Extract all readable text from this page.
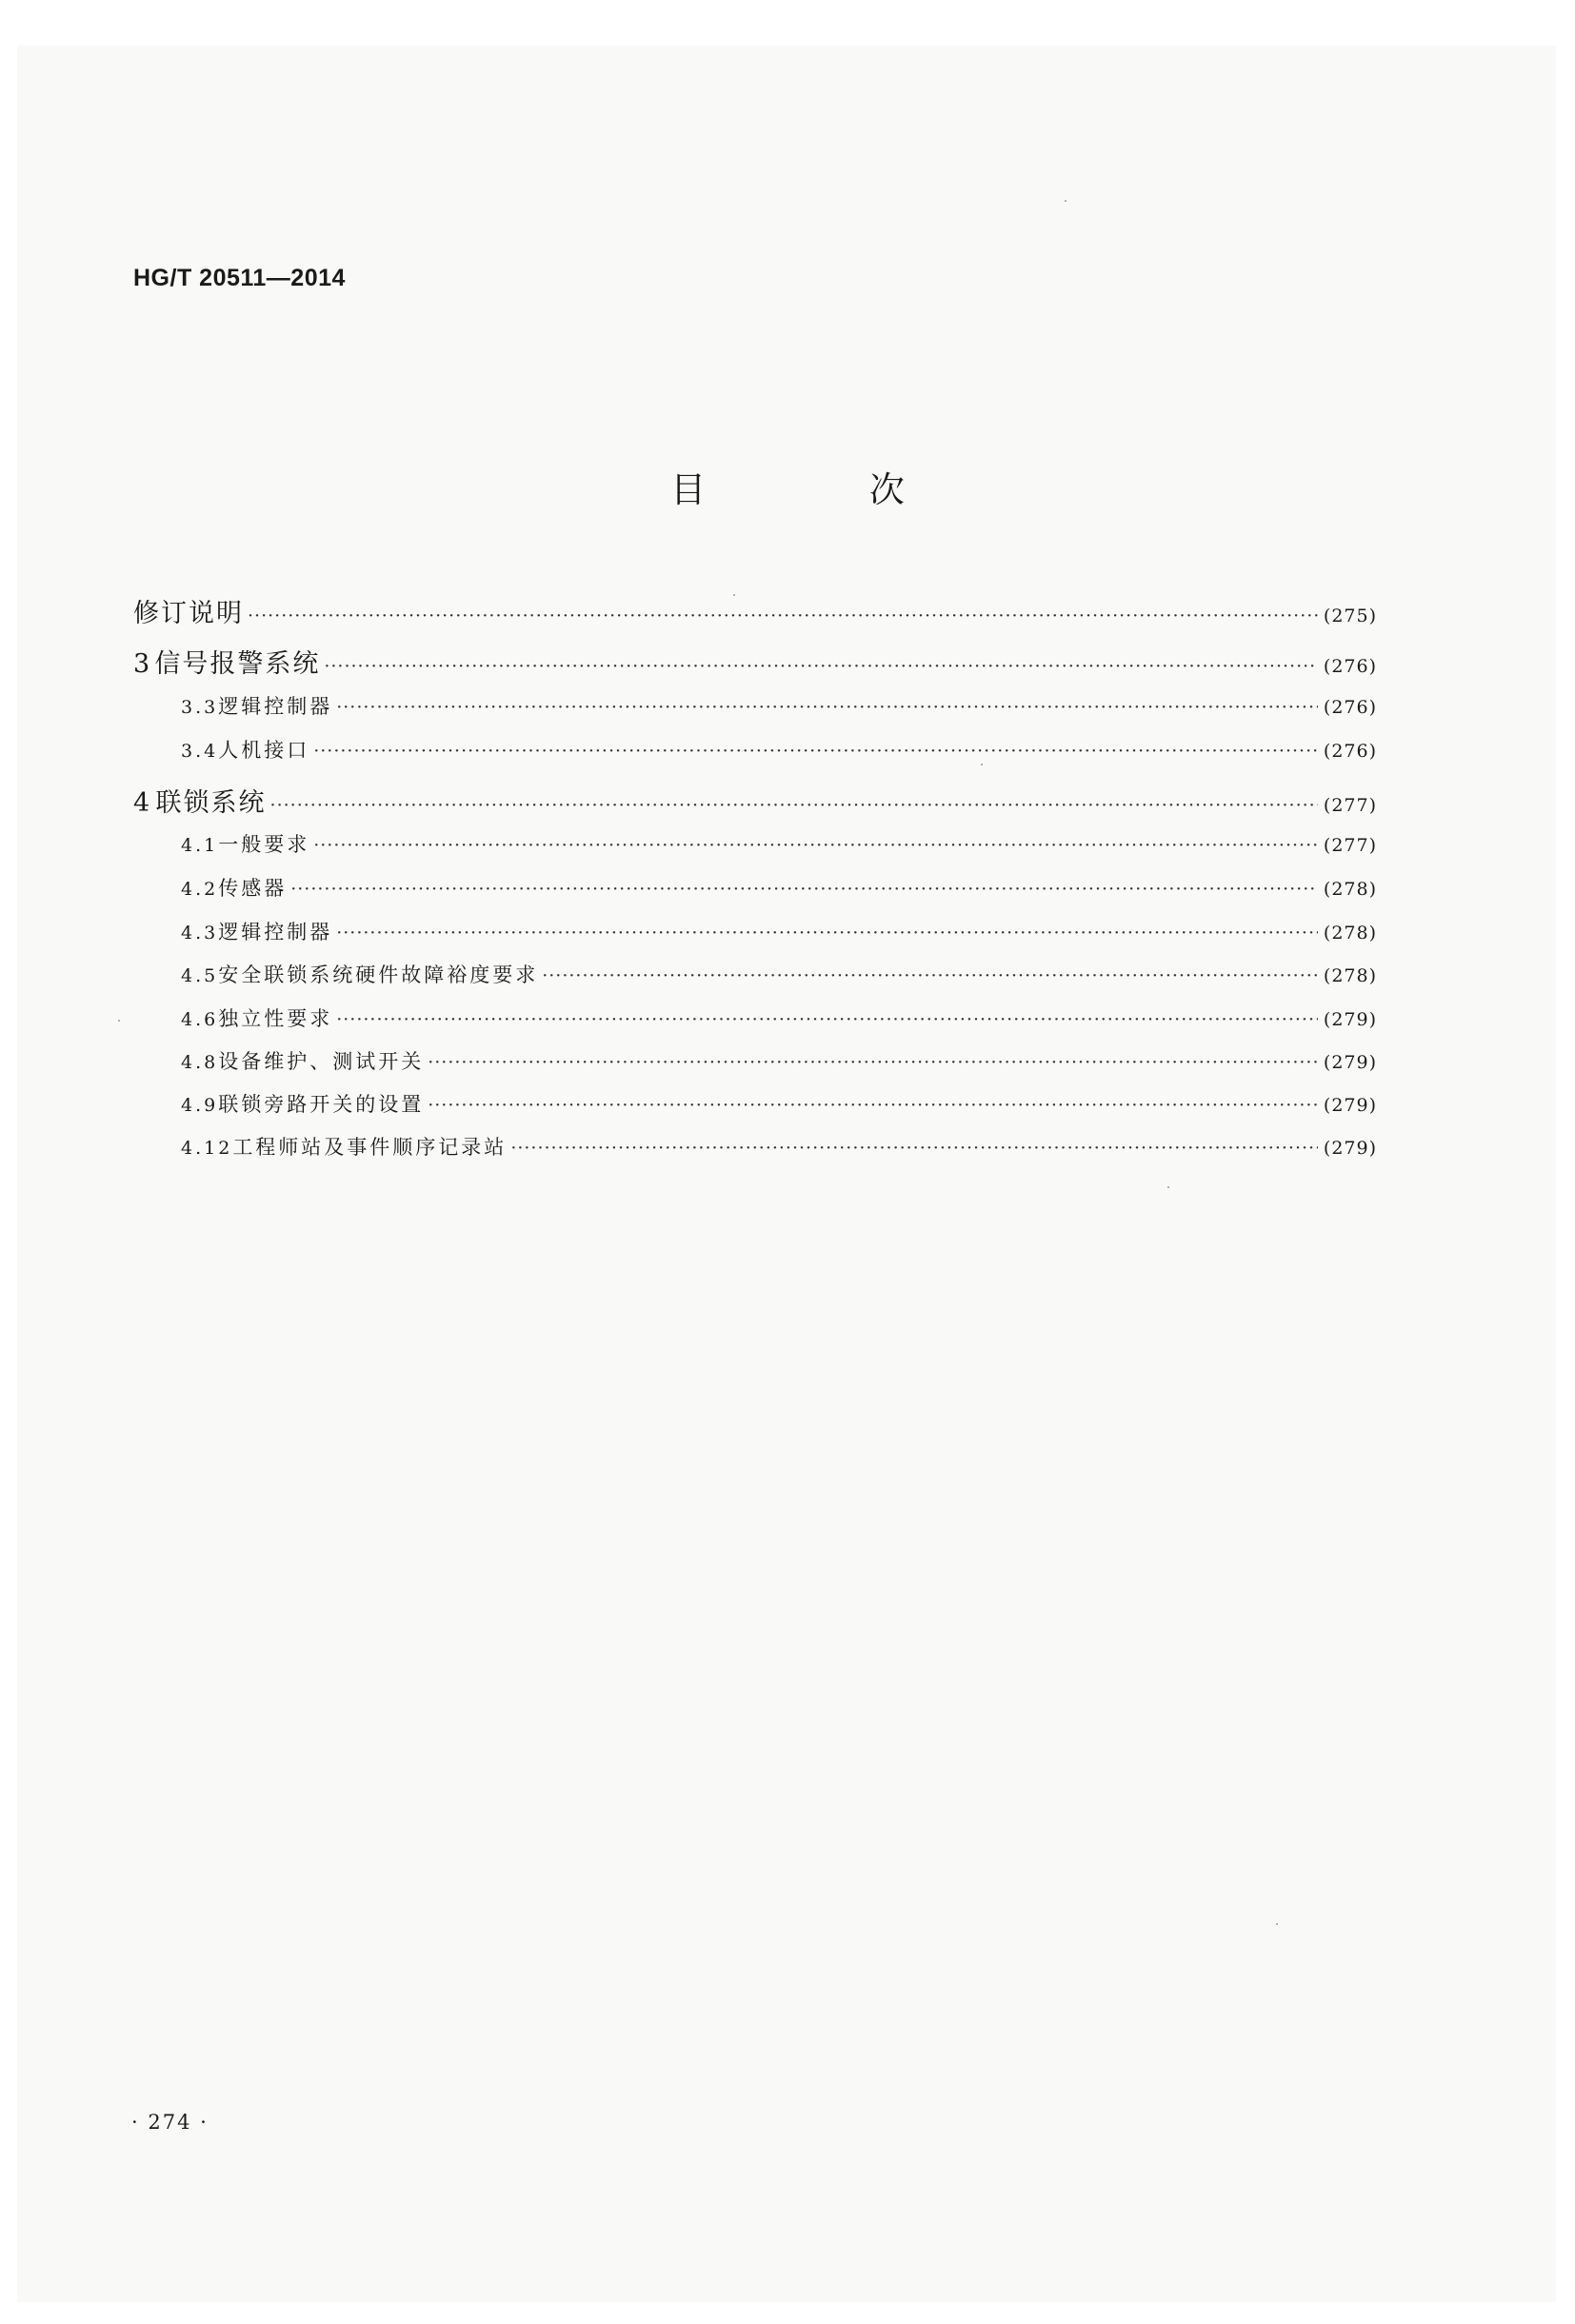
HG/T 20511—2014
目 次
修订说明 ·····	(275)
3 信号报警系统 ·····	(276)
3.3 逻辑控制器 ·····	(276)
3.4 人机接口 ·····	(276)
4 联锁系统 ·····	(277)
4.1 一般要求 ·····	(277)
4.2 传感器 ·····	(278)
4.3 逻辑控制器 ·····	(278)
4.5 安全联锁系统硬件故障裕度要求 ·····	(278)
4.6 独立性要求 ·····	(279)
4.8 设备维护、测试开关 ·····	(279)
4.9 联锁旁路开关的设置 ·····	(279)
4.12 工程师站及事件顺序记录站 ·····	(279)
· 274 ·
